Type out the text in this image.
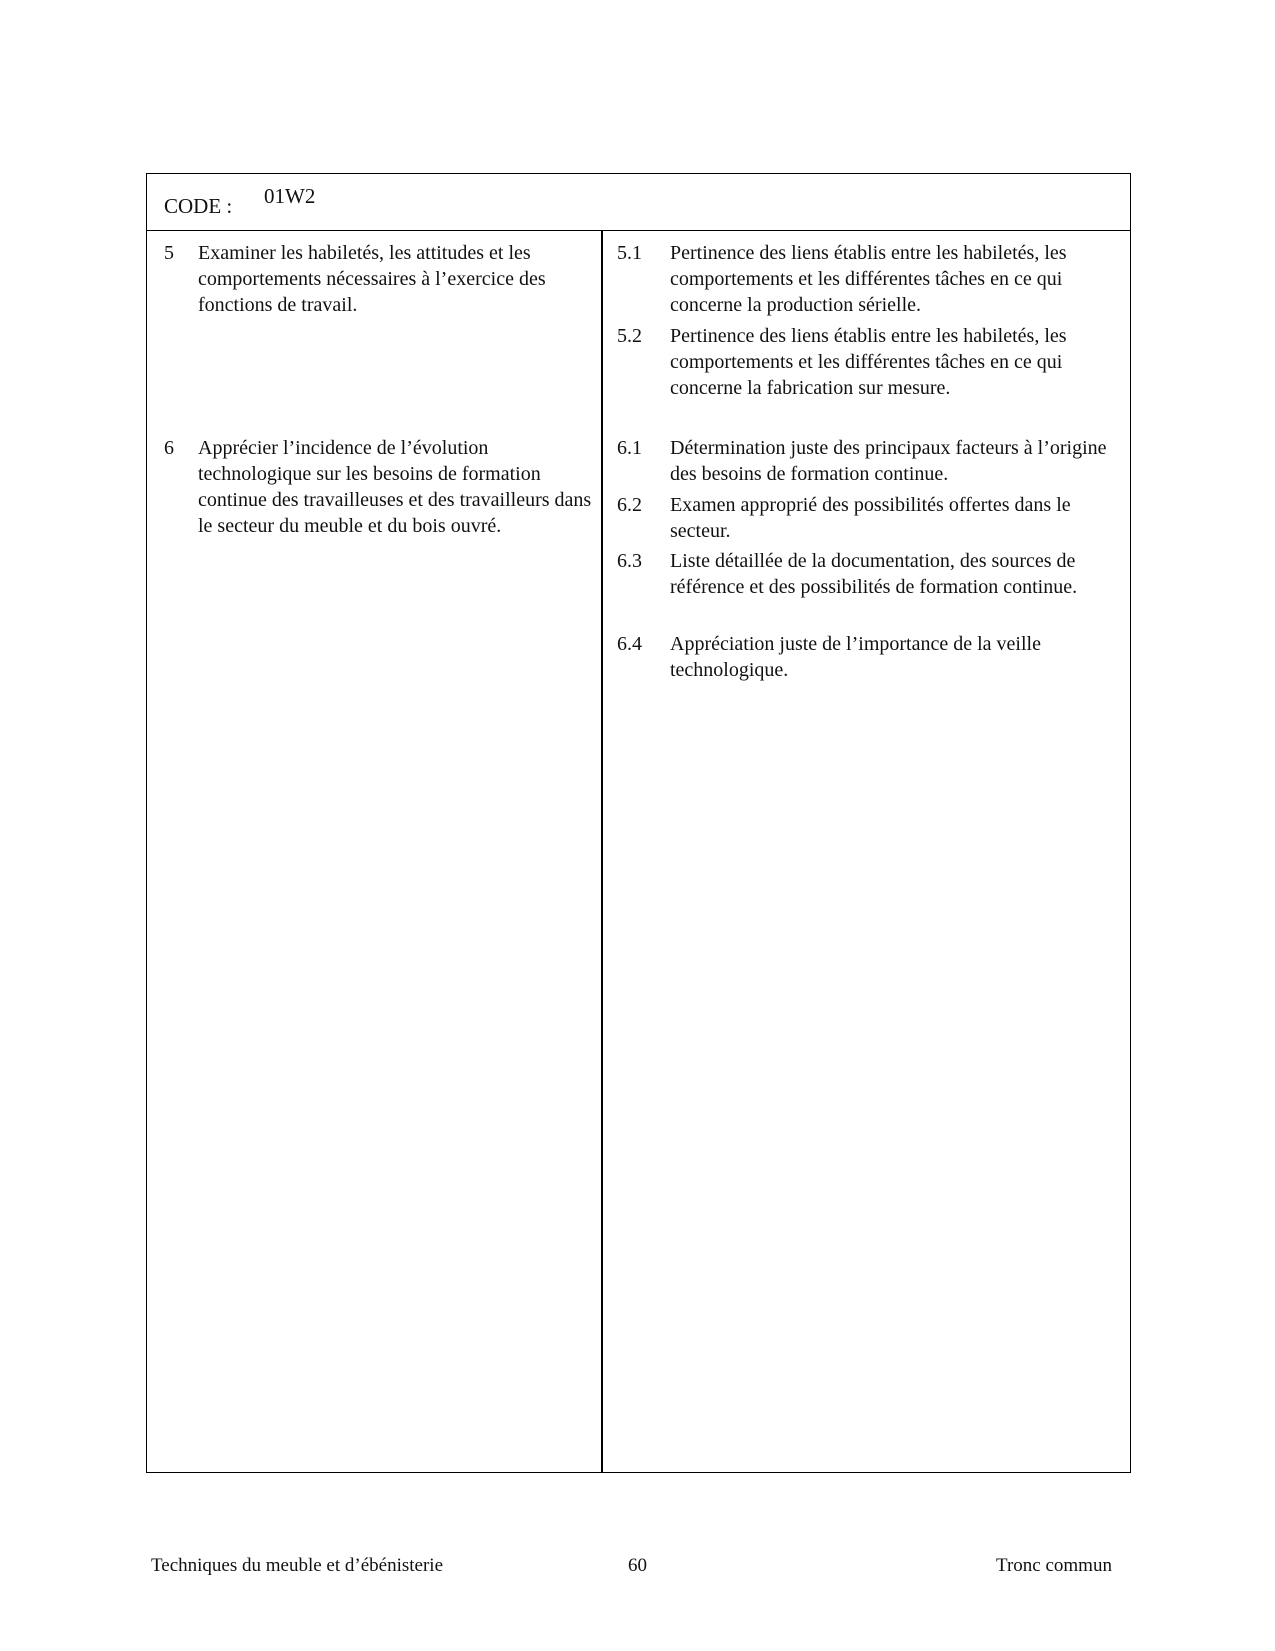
CODE : 01W2
5 Examiner les habiletés, les attitudes et les comportements nécessaires à l’exercice des fonctions de travail.
6 Apprécier l’incidence de l’évolution technologique sur les besoins de formation continue des travailleuses et des travailleurs dans le secteur du meuble et du bois ouvré.
5.1 Pertinence des liens établis entre les habiletés, les comportements et les différentes tâches en ce qui concerne la production sérielle.
5.2 Pertinence des liens établis entre les habiletés, les comportements et les différentes tâches en ce qui concerne la fabrication sur mesure.
6.1 Détermination juste des principaux facteurs à l’origine des besoins de formation continue.
6.2 Examen approprié des possibilités offertes dans le secteur.
6.3 Liste détaillée de la documentation, des sources de référence et des possibilités de formation continue.
6.4 Appréciation juste de l’importance de la veille technologique.
Techniques du meuble et d’ébénisterie	60	Tronc commun
